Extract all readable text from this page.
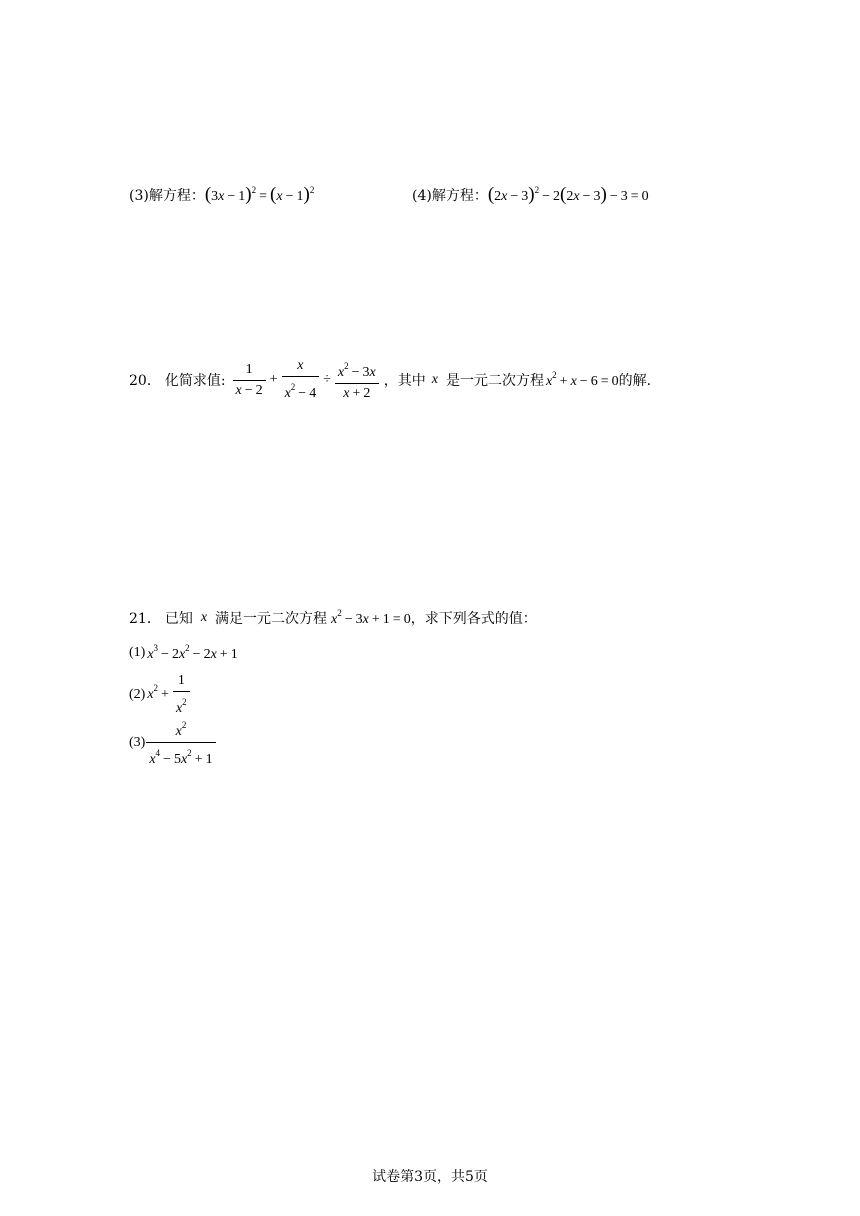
(3)解方程： $(3x - 1)^2 = (x - 1)^2$	(4)解方程： $(2x - 3)^2 - 2(2x - 3) - 3 = 0$
20． 化简求值: $\frac{1}{x - 2} + \frac{x}{x^2 - 4} \div \frac{x^2 - 3x}{x + 2}$ ，其中 x 是一元二次方程 $x^2 + x - 6 = 0$ 的解.
21． 已知 x 满足一元二次方程 $x^2 - 3x + 1 = 0$ ，求下列各式的值：
(1) $x^3 - 2x^2 - 2x + 1$
(2) $x^2 + \frac{1}{x^2}$
$(3) \frac{x^2}{x^4 - 5x^2 + 1}$
试卷第3页，共5页
